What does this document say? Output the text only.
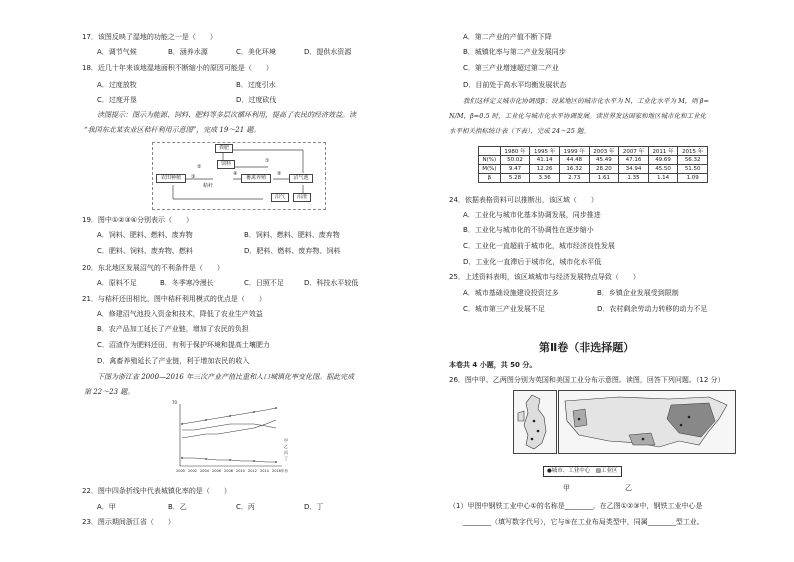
17．该图反映了湿地的功能之一是（　　）
A．调节气候	B．涵养水源	C．美化环境	D．提供水资源
18．近几十年来该地湿地面积不断缩小的原因可能是（　　）
A．过度放牧	B．过度引水
C．过度开垦	D．过度砍伐
读图提示：图示为能源、饲料、肥料等多层次循环利用，提高了农民的经济效益。读
“我国东北某农业区秸秆利用示意图”，完成 19～21 题。
粪肥
饲料
农田种植
秸秆
畜禽养殖	沼气池
沼气	沼渣
①
②
③	④	⑤
19．图中①②③④分别表示（　　）
A．饲料、肥料、燃料、废弃物	B．饲料、燃料、肥料、废弃物
C．肥料、饲料、废弃物、燃料	D．肥料、燃料、废弃物、饲料
20．东北地区发展沼气的不利条件是（　　）
A．原料不足	B．冬季寒冷漫长	C．日照不足	D．科技水平较低
21．与秸秆还田相比，图中秸秆利用模式的优点是（　　）
A．修建沼气池投入资金和技术，降低了农业生产效益
B．农产品加工延长了产业链，增加了农民的负担
C．沼渣作为肥料还田，有利于保护环境和提高土壤肥力
D．禽畜养殖延长了产业链，利于增加农民的收入
下图为浙江省 2000—2016 年三次产业产值比重和人口城镇化率变化图。据此完成
第 22～23 题。
70
甲
乙
丙
丁
2000 2002 2004 2006 2008 2010 2012 2014 2016年份
22．图中四条折线中代表城镇化率的是（　　）
A．甲	B．乙	C．丙	D．丁
23．图示期间浙江省（　　）
A．第二产业的产值不断下降
B．城镇化率与第二产业发展同步
C．第三产业增速超过第二产业
D．目前处于高水平均衡发展状态
我们这样定义城市化协调度β：设某地区的城市化水平为 N，工业化水平为 M，则 β=
N/M，β=0.5 时，工业化与城市化水平协调发展。读世界发达国家和地区城市化和工业化
水平相关指标统计表（下表），完成 24～25 题。
	1980 年	1995 年	1999 年	2003 年	2007 年	2011 年	2015 年
N(%)	50.02	41.14	44.48	45.49	47.16	49.69	56.32
M(%)	9.47	12.26	16.32	28.20	34.94	45.50	51.50
β	5.28	3.36	2.73	1.61	1.35	1.14	1.09
24．依据表格资料可以推断出，该区域（　　）
A．工业化与城市化基本协调发展，同步推进
B．工业化与城市化的不协调性在逐步缩小
C．工业化一直超前于城市化，城市经济良性发展
D．工业化一直滞后于城市化，城市化水平低
25．上述资料表明，该区域城市与经济发展特点导致（　　）
A．城市基础设施建设投资过多	B．乡镇企业发展受到限制
C．城市第三产业发展不足	D．农村剩余劳动力转移的动力不足
第Ⅱ卷（非选择题）
本卷共 4 小题，共 50 分。
26．图中甲、乙两图分别为英国和美国工业分布示意图。读图，回答下列问题。（12 分）
●城市、工业中心　▨工业区
甲	乙
（1）甲图中钢铁工业中心①的名称是________，在乙图①②③中，钢铁工业中心是
________（填写数字代号），它与⑤在工业布局类型中，同属________型工业。
